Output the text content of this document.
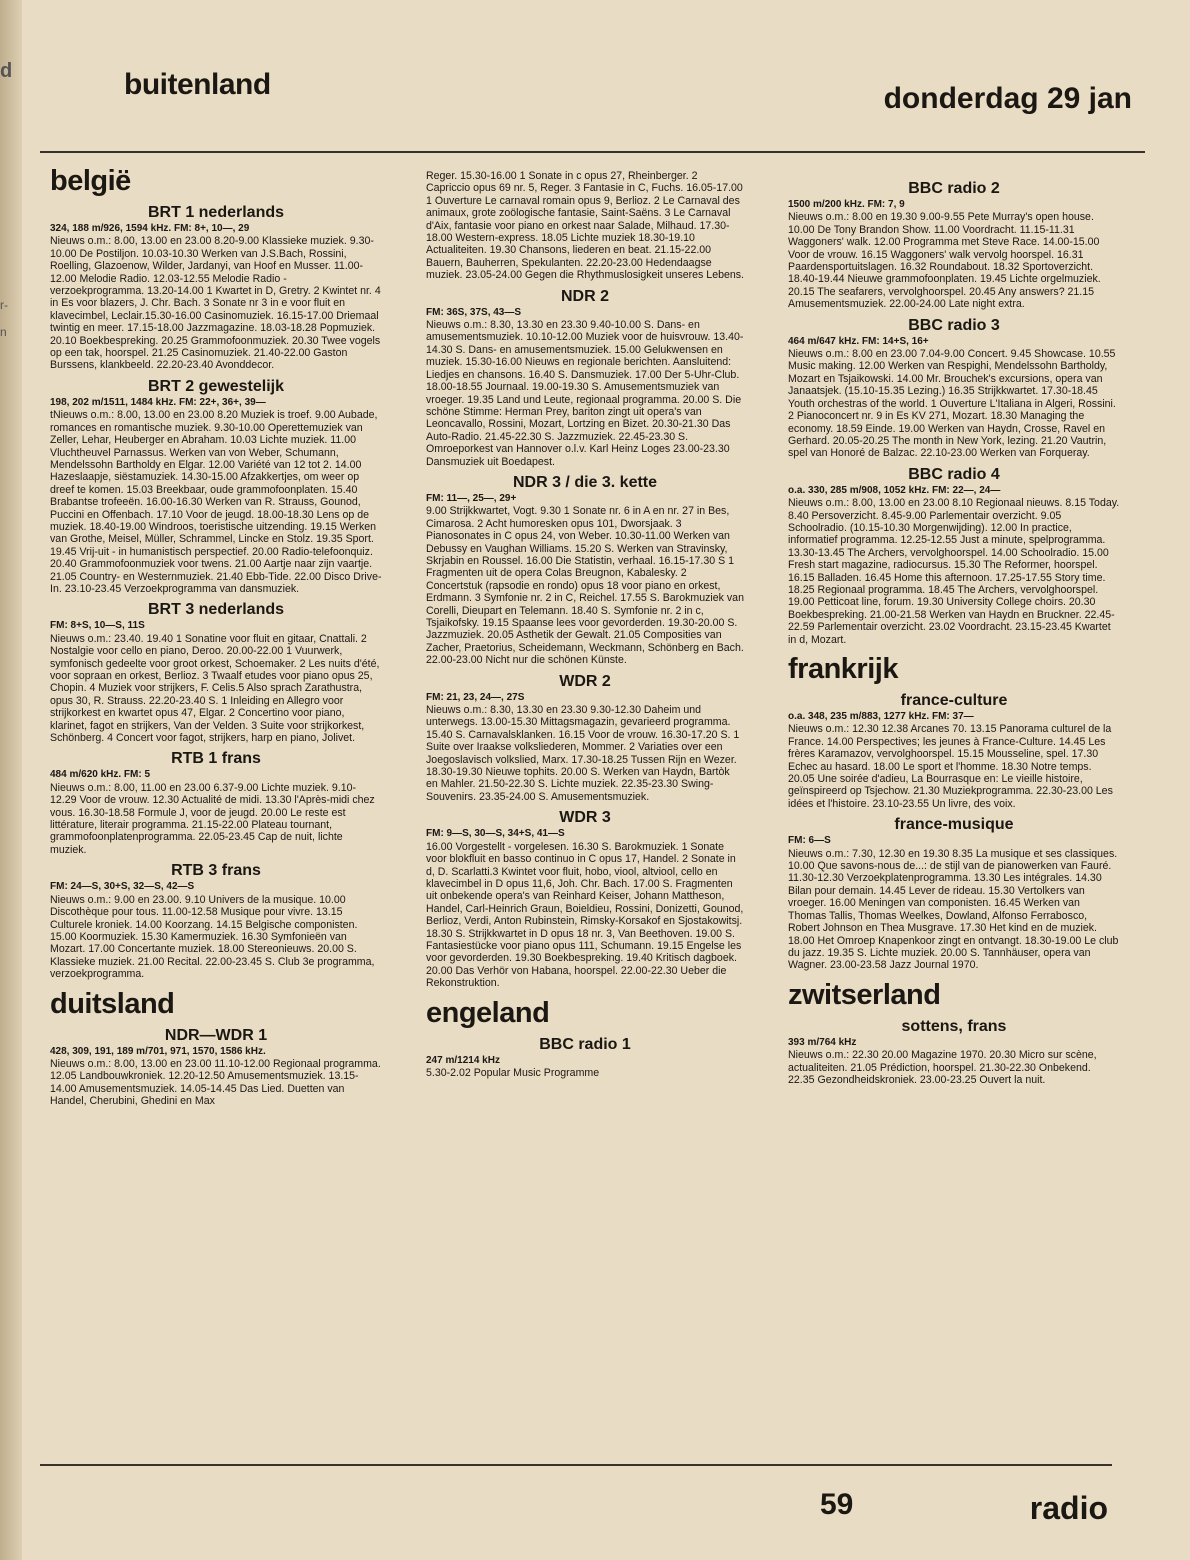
d
r-
n
buitenland	donderdag 29 jan
belgië
BRT 1 nederlands

324, 188 m/926, 1594 kHz. FM: 8+, 10—, 29

Nieuws o.m.: 8.00, 13.00 en 23.00 8.20-9.00 Klassieke muziek. 9.30-10.00 De Postiljon. 10.03-10.30 Werken van J.S.Bach, Rossini, Roelling, Glazoenow, Wilder, Jardanyi, van Hoof en Musser. 11.00-12.00 Melodie Radio. 12.03-12.55 Melodie Radio - verzoekprogramma. 13.20-14.00 1 Kwartet in D, Gretry. 2 Kwintet nr. 4 in Es voor blazers, J. Chr. Bach. 3 Sonate nr 3 in e voor fluit en klavecimbel, Leclair.15.30-16.00 Casinomuziek. 16.15-17.00 Driemaal twintig en meer. 17.15-18.00 Jazzmagazine. 18.03-18.28 Popmuziek. 20.10 Boekbespreking. 20.25 Grammofoonmuziek. 20.30 Twee vogels op een tak, hoorspel. 21.25 Casinomuziek. 21.40-22.00 Gaston Burssens, klankbeeld. 22.20-23.40 Avonddecor.

BRT 2 gewestelijk

198, 202 m/1511, 1484 kHz. FM: 22+, 36+, 39—

tNieuws o.m.: 8.00, 13.00 en 23.00 8.20 Muziek is troef. 9.00 Aubade, romances en romantische muziek. 9.30-10.00 Operettemuziek van Zeller, Lehar, Heuberger en Abraham. 10.03 Lichte muziek. 11.00 Vluchtheuvel Parnassus. Werken van von Weber, Schumann, Mendelssohn Bartholdy en Elgar. 12.00 Variété van 12 tot 2. 14.00 Hazeslaapje, siëstamuziek. 14.30-15.00 Afzakkertjes, om weer op dreef te komen. 15.03 Breekbaar, oude grammofoonplaten. 15.40 Brabantse trofeeën. 16.00-16.30 Werken van R. Strauss, Gounod, Puccini en Offenbach. 17.10 Voor de jeugd. 18.00-18.30 Lens op de muziek. 18.40-19.00 Windroos, toeristische uitzending. 19.15 Werken van Grothe, Meisel, Müller, Schrammel, Lincke en Stolz. 19.35 Sport. 19.45 Vrij-uit - in humanistisch perspectief. 20.00 Radio-telefoonquiz. 20.40 Grammofoonmuziek voor twens. 21.00 Aartje naar zijn vaartje. 21.05 Country- en Westernmuziek. 21.40 Ebb-Tide. 22.00 Disco Drive-In. 23.10-23.45 Verzoekprogramma van dansmuziek.

BRT 3 nederlands

FM: 8+S, 10—S, 11S

Nieuws o.m.: 23.40. 19.40 1 Sonatine voor fluit en gitaar, Cnattali. 2 Nostalgie voor cello en piano, Deroo. 20.00-22.00 1 Vuurwerk, symfonisch gedeelte voor groot orkest, Schoemaker. 2 Les nuits d'été, voor sopraan en orkest, Berlioz. 3 Twaalf etudes voor piano opus 25, Chopin. 4 Muziek voor strijkers, F. Celis.5 Also sprach Zarathustra, opus 30, R. Strauss. 22.20-23.40 S. 1 Inleiding en Allegro voor strijkorkest en kwartet opus 47, Elgar. 2 Concertino voor piano, klarinet, fagot en strijkers, Van der Velden. 3 Suite voor strijkorkest, Schönberg. 4 Concert voor fagot, strijkers, harp en piano, Jolivet.

RTB 1 frans

484 m/620 kHz. FM: 5

Nieuws o.m.: 8.00, 11.00 en 23.00 6.37-9.00 Lichte muziek. 9.10-12.29 Voor de vrouw. 12.30 Actualité de midi. 13.30 l'Après-midi chez vous. 16.30-18.58 Formule J, voor de jeugd. 20.00 Le reste est littérature, literair programma. 21.15-22.00 Plateau tournant, grammofoonplatenprogramma. 22.05-23.45 Cap de nuit, lichte muziek.

RTB 3 frans

FM: 24—S, 30+S, 32—S, 42—S

Nieuws o.m.: 9.00 en 23.00. 9.10 Univers de la musique. 10.00 Discothèque pour tous. 11.00-12.58 Musique pour vivre. 13.15 Culturele kroniek. 14.00 Koorzang. 14.15 Belgische componisten. 15.00 Koormuziek. 15.30 Kamermuziek. 16.30 Symfonieën van Mozart. 17.00 Concertante muziek. 18.00 Stereonieuws. 20.00 S. Klassieke muziek. 21.00 Recital. 22.00-23.45 S. Club 3e programma, verzoekprogramma.

duitsland
NDR—WDR 1

428, 309, 191, 189 m/701, 971, 1570, 1586 kHz.

Nieuws o.m.: 8.00, 13.00 en 23.00 11.10-12.00 Regionaal programma. 12.05 Landbouwkroniek. 12.20-12.50 Amusementsmuziek. 13.15-14.00 Amusementsmuziek. 14.05-14.45 Das Lied. Duetten van Handel, Cherubini, Ghedini en Max

Reger. 15.30-16.00 1 Sonate in c opus 27, Rheinberger. 2 Capriccio opus 69 nr. 5, Reger. 3 Fantasie in C, Fuchs. 16.05-17.00 1 Ouverture Le carnaval romain opus 9, Berlioz. 2 Le Carnaval des animaux, grote zoölogische fantasie, Saint-Saëns. 3 Le Carnaval d'Aix, fantasie voor piano en orkest naar Salade, Milhaud. 17.30-18.00 Western-express. 18.05 Lichte muziek 18.30-19.10 Actualiteiten. 19.30 Chansons, liederen en beat. 21.15-22.00 Bauern, Bauherren, Spekulanten. 22.20-23.00 Hedendaagse muziek. 23.05-24.00 Gegen die Rhythmuslosigkeit unseres Lebens.

NDR 2

FM: 36S, 37S, 43—S

Nieuws o.m.: 8.30, 13.30 en 23.30 9.40-10.00 S. Dans- en amusementsmuziek. 10.10-12.00 Muziek voor de huisvrouw. 13.40-14.30 S. Dans- en amusementsmuziek. 15.00 Gelukwensen en muziek. 15.30-16.00 Nieuws en regionale berichten. Aansluitend: Liedjes en chansons. 16.40 S. Dansmuziek. 17.00 Der 5-Uhr-Club. 18.00-18.55 Journaal. 19.00-19.30 S. Amusementsmuziek van vroeger. 19.35 Land und Leute, regionaal programma. 20.00 S. Die schöne Stimme: Herman Prey, bariton zingt uit opera's van Leoncavallo, Rossini, Mozart, Lortzing en Bizet. 20.30-21.30 Das Auto-Radio. 21.45-22.30 S. Jazzmuziek. 22.45-23.30 S. Omroeporkest van Hannover o.l.v. Karl Heinz Loges 23.00-23.30 Dansmuziek uit Boedapest.

NDR 3 / die 3. kette

FM: 11—, 25—, 29+

9.00 Strijkkwartet, Vogt. 9.30 1 Sonate nr. 6 in A en nr. 27 in Bes, Cimarosa. 2 Acht humoresken opus 101, Dworsjaak. 3 Pianosonates in C opus 24, von Weber. 10.30-11.00 Werken van Debussy en Vaughan Williams. 15.20 S. Werken van Stravinsky, Skrjabin en Roussel. 16.00 Die Statistin, verhaal. 16.15-17.30 S 1 Fragmenten uit de opera Colas Breugnon, Kabalesky. 2 Concertstuk (rapsodie en rondo) opus 18 voor piano en orkest, Erdmann. 3 Symfonie nr. 2 in C, Reichel. 17.55 S. Barokmuziek van Corelli, Dieupart en Telemann. 18.40 S. Symfonie nr. 2 in c, Tsjaikofsky. 19.15 Spaanse lees voor gevorderden. 19.30-20.00 S. Jazzmuziek. 20.05 Asthetik der Gewalt. 21.05 Composities van Zacher, Praetorius, Scheidemann, Weckmann, Schönberg en Bach. 22.00-23.00 Nicht nur die schönen Künste.

WDR 2

FM: 21, 23, 24—, 27S

Nieuws o.m.: 8.30, 13.30 en 23.30 9.30-12.30 Daheim und unterwegs. 13.00-15.30 Mittagsmagazin, gevarieerd programma. 15.40 S. Carnavalsklanken. 16.15 Voor de vrouw. 16.30-17.20 S. 1 Suite over Iraakse volksliederen, Mommer. 2 Variaties over een Joegoslavisch volkslied, Marx. 17.30-18.25 Tussen Rijn en Wezer. 18.30-19.30 Nieuwe tophits. 20.00 S. Werken van Haydn, Bartòk en Mahler. 21.50-22.30 S. Lichte muziek. 22.35-23.30 Swing-Souvenirs. 23.35-24.00 S. Amusementsmuziek.

WDR 3

FM: 9—S, 30—S, 34+S, 41—S

16.00 Vorgestellt - vorgelesen. 16.30 S. Barokmuziek. 1 Sonate voor blokfluit en basso continuo in C opus 17, Handel. 2 Sonate in d, D. Scarlatti.3 Kwintet voor fluit, hobo, viool, altviool, cello en klavecimbel in D opus 11,6, Joh. Chr. Bach. 17.00 S. Fragmenten uit onbekende opera's van Reinhard Keiser, Johann Mattheson, Handel, Carl-Heinrich Graun, Boieldieu, Rossini, Donizetti, Gounod, Berlioz, Verdi, Anton Rubinstein, Rimsky-Korsakof en Sjostakowitsj. 18.30 S. Strijkkwartet in D opus 18 nr. 3, Van Beethoven. 19.00 S. Fantasiestücke voor piano opus 111, Schumann. 19.15 Engelse les voor gevorderden. 19.30 Boekbespreking. 19.40 Kritisch dagboek. 20.00 Das Verhör von Habana, hoorspel. 22.00-22.30 Ueber die Rekonstruktion.

engeland
BBC radio 1

247 m/1214 kHz

5.30-2.02 Popular Music Programme

BBC radio 2

1500 m/200 kHz. FM: 7, 9

Nieuws o.m.: 8.00 en 19.30 9.00-9.55 Pete Murray's open house. 10.00 De Tony Brandon Show. 11.00 Voordracht. 11.15-11.31 Waggoners' walk. 12.00 Programma met Steve Race. 14.00-15.00 Voor de vrouw. 16.15 Waggoners' walk vervolg hoorspel. 16.31 Paardensportuitslagen. 16.32 Roundabout. 18.32 Sportoverzicht. 18.40-19.44 Nieuwe grammofoonplaten. 19.45 Lichte orgelmuziek. 20.15 The seafarers, vervolghoorspel. 20.45 Any answers? 21.15 Amusementsmuziek. 22.00-24.00 Late night extra.

BBC radio 3

464 m/647 kHz. FM: 14+S, 16+

Nieuws o.m.: 8.00 en 23.00 7.04-9.00 Concert. 9.45 Showcase. 10.55 Music making. 12.00 Werken van Respighi, Mendelssohn Bartholdy, Mozart en Tsjaikowski. 14.00 Mr. Brouchek's excursions, opera van Janaatsjek. (15.10-15.35 Lezing.) 16.35 Strijkkwartet. 17.30-18.45 Youth orchestras of the world. 1 Ouverture L'Italiana in Algeri, Rossini. 2 Pianoconcert nr. 9 in Es KV 271, Mozart. 18.30 Managing the economy. 18.59 Einde. 19.00 Werken van Haydn, Crosse, Ravel en Gerhard. 20.05-20.25 The month in New York, lezing. 21.20 Vautrin, spel van Honoré de Balzac. 22.10-23.00 Werken van Forqueray.

BBC radio 4

o.a. 330, 285 m/908, 1052 kHz. FM: 22—, 24—

Nieuws o.m.: 8.00, 13.00 en 23.00 8.10 Regionaal nieuws. 8.15 Today. 8.40 Persoverzicht. 8.45-9.00 Parlementair overzicht. 9.05 Schoolradio. (10.15-10.30 Morgenwijding). 12.00 In practice, informatief programma. 12.25-12.55 Just a minute, spelprogramma. 13.30-13.45 The Archers, vervolghoorspel. 14.00 Schoolradio. 15.00 Fresh start magazine, radiocursus. 15.30 The Reformer, hoorspel. 16.15 Balladen. 16.45 Home this afternoon. 17.25-17.55 Story time. 18.25 Regionaal programma. 18.45 The Archers, vervolghoorspel. 19.00 Petticoat line, forum. 19.30 University College choirs. 20.30 Boekbespreking. 21.00-21.58 Werken van Haydn en Bruckner. 22.45-22.59 Parlementair overzicht. 23.02 Voordracht. 23.15-23.45 Kwartet in d, Mozart.

frankrijk
france-culture

o.a. 348, 235 m/883, 1277 kHz. FM: 37—

Nieuws o.m.: 12.30 12.38 Arcanes 70. 13.15 Panorama culturel de la France. 14.00 Perspectives; les jeunes à France-Culture. 14.45 Les frères Karamazov, vervolghoorspel. 15.15 Mousseline, spel. 17.30 Echec au hasard. 18.00 Le sport et l'homme. 18.30 Notre temps. 20.05 Une soirée d'adieu, La Bourrasque en: Le vieille histoire, geïnspireerd op Tsjechow. 21.30 Muziekprogramma. 22.30-23.00 Les idées et l'histoire. 23.10-23.55 Un livre, des voix.

france-musique

FM: 6—S

Nieuws o.m.: 7.30, 12.30 en 19.30 8.35 La musique et ses classiques. 10.00 Que savons-nous de...: de stijl van de pianowerken van Fauré. 11.30-12.30 Verzoekplatenprogramma. 13.30 Les intégrales. 14.30 Bilan pour demain. 14.45 Lever de rideau. 15.30 Vertolkers van vroeger. 16.00 Meningen van componisten. 16.45 Werken van Thomas Tallis, Thomas Weelkes, Dowland, Alfonso Ferrabosco, Robert Johnson en Thea Musgrave. 17.30 Het kind en de muziek. 18.00 Het Omroep Knapenkoor zingt en ontvangt. 18.30-19.00 Le club du jazz. 19.35 S. Lichte muziek. 20.00 S. Tannhäuser, opera van Wagner. 23.00-23.58 Jazz Journal 1970.

zwitserland
sottens, frans

393 m/764 kHz

Nieuws o.m.: 22.30 20.00 Magazine 1970. 20.30 Micro sur scène, actualiteiten. 21.05 Prédiction, hoorspel. 21.30-22.30 Onbekend. 22.35 Gezondheidskroniek. 23.00-23.25 Ouvert la nuit.

59	radio
